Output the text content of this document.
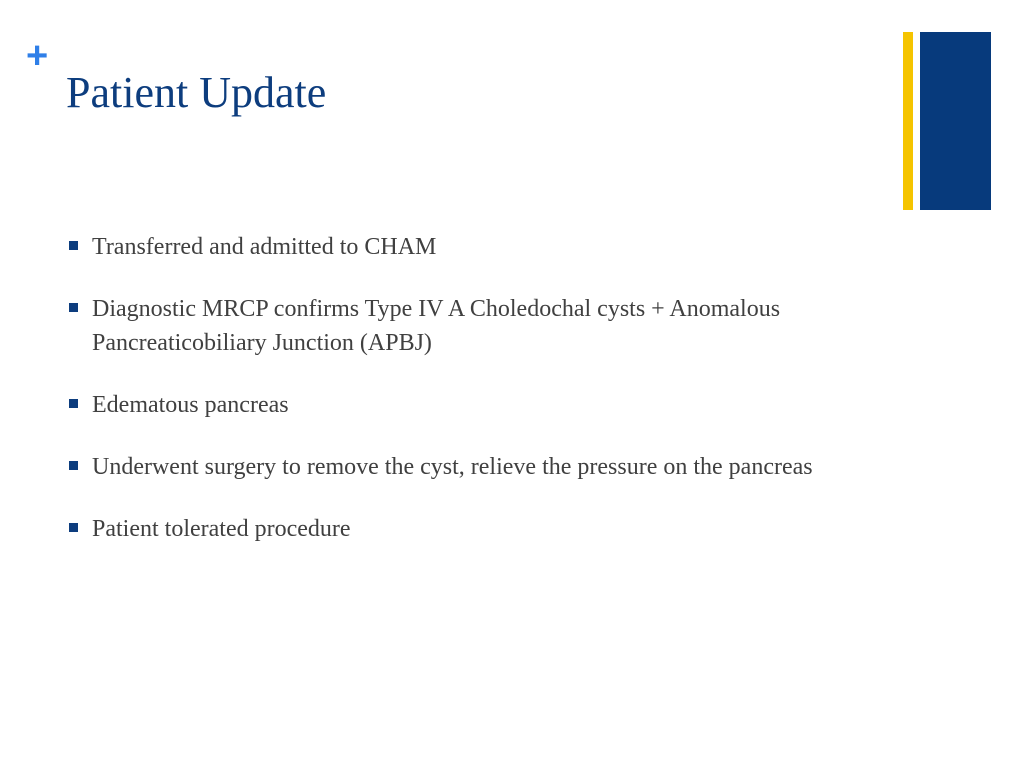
+
Patient Update
Transferred and admitted to CHAM
Diagnostic MRCP confirms Type IV A Choledochal cysts + Anomalous Pancreaticobiliary Junction (APBJ)
Edematous pancreas
Underwent surgery to remove the cyst, relieve the pressure on the pancreas
Patient tolerated procedure
